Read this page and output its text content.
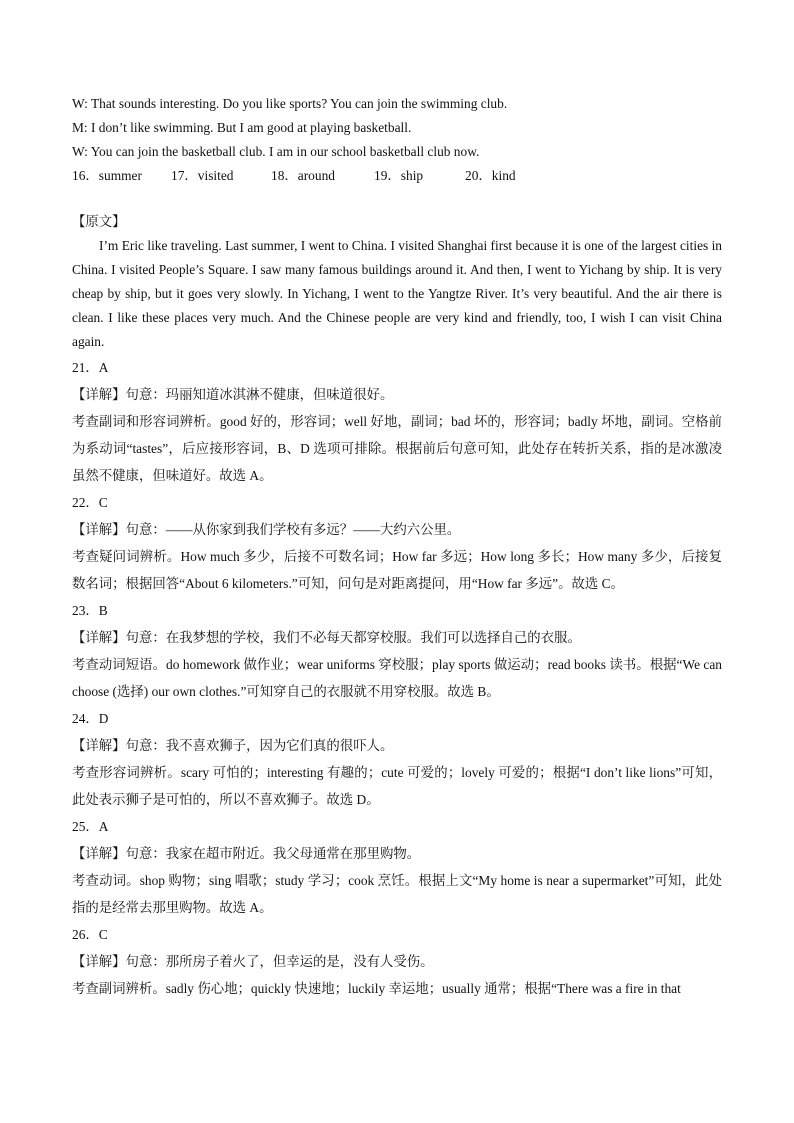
W: That sounds interesting. Do you like sports? You can join the swimming club.
M: I don’t like swimming. But I am good at playing basketball.
W: You can join the basketball club. I am in our school basketball club now.
16．summer	17．visited	18．around	19．ship	20．kind
【原文】

I’m Eric like traveling. Last summer, I went to China. I visited Shanghai first because it is one of the largest cities in China. I visited People’s Square. I saw many famous buildings around it. And then, I went to Yichang by ship. It is very cheap by ship, but it goes very slowly. In Yichang, I went to the Yangtze River. It’s very beautiful. And the air there is clean. I like these places very much. And the Chinese people are very kind and friendly, too, I wish I can visit China again.

21．A
【详解】句意：玛丽知道冰淇淋不健康，但味道很好。

考查副词和形容词辨析。good 好的，形容词；well 好地，副词；bad 坏的，形容词；badly 坏地，副词。空格前为系动词“tastes”，后应接形容词，B、D 选项可排除。根据前后句意可知，此处存在转折关系，指的是冰激凌虽然不健康，但味道好。故选 A。

22．C
【详解】句意：——从你家到我们学校有多远？——大约六公里。

考查疑问词辨析。How much 多少，后接不可数名词；How far 多远；How long 多长；How many 多少，后接复数名词；根据回答“About 6 kilometers.”可知，问句是对距离提问，用“How far 多远”。故选 C。

23．B
【详解】句意：在我梦想的学校，我们不必每天都穿校服。我们可以选择自己的衣服。

考查动词短语。do homework 做作业；wear uniforms 穿校服；play sports 做运动；read books 读书。根据“We can choose (选择) our own clothes.”可知穿自己的衣服就不用穿校服。故选 B。

24．D
【详解】句意：我不喜欢狮子，因为它们真的很吓人。

考查形容词辨析。scary 可怕的；interesting 有趣的；cute 可爱的；lovely 可爱的；根据“I don’t like lions”可知，此处表示狮子是可怕的，所以不喜欢狮子。故选 D。

25．A
【详解】句意：我家在超市附近。我父母通常在那里购物。

考查动词。shop 购物；sing 唱歌；study 学习；cook 烹饪。根据上文“My home is near a supermarket”可知，此处指的是经常去那里购物。故选 A。

26．C
【详解】句意：那所房子着火了，但幸运的是，没有人受伤。

考查副词辨析。sadly 伤心地；quickly 快速地；luckily 幸运地；usually 通常；根据“There was a fire in that
